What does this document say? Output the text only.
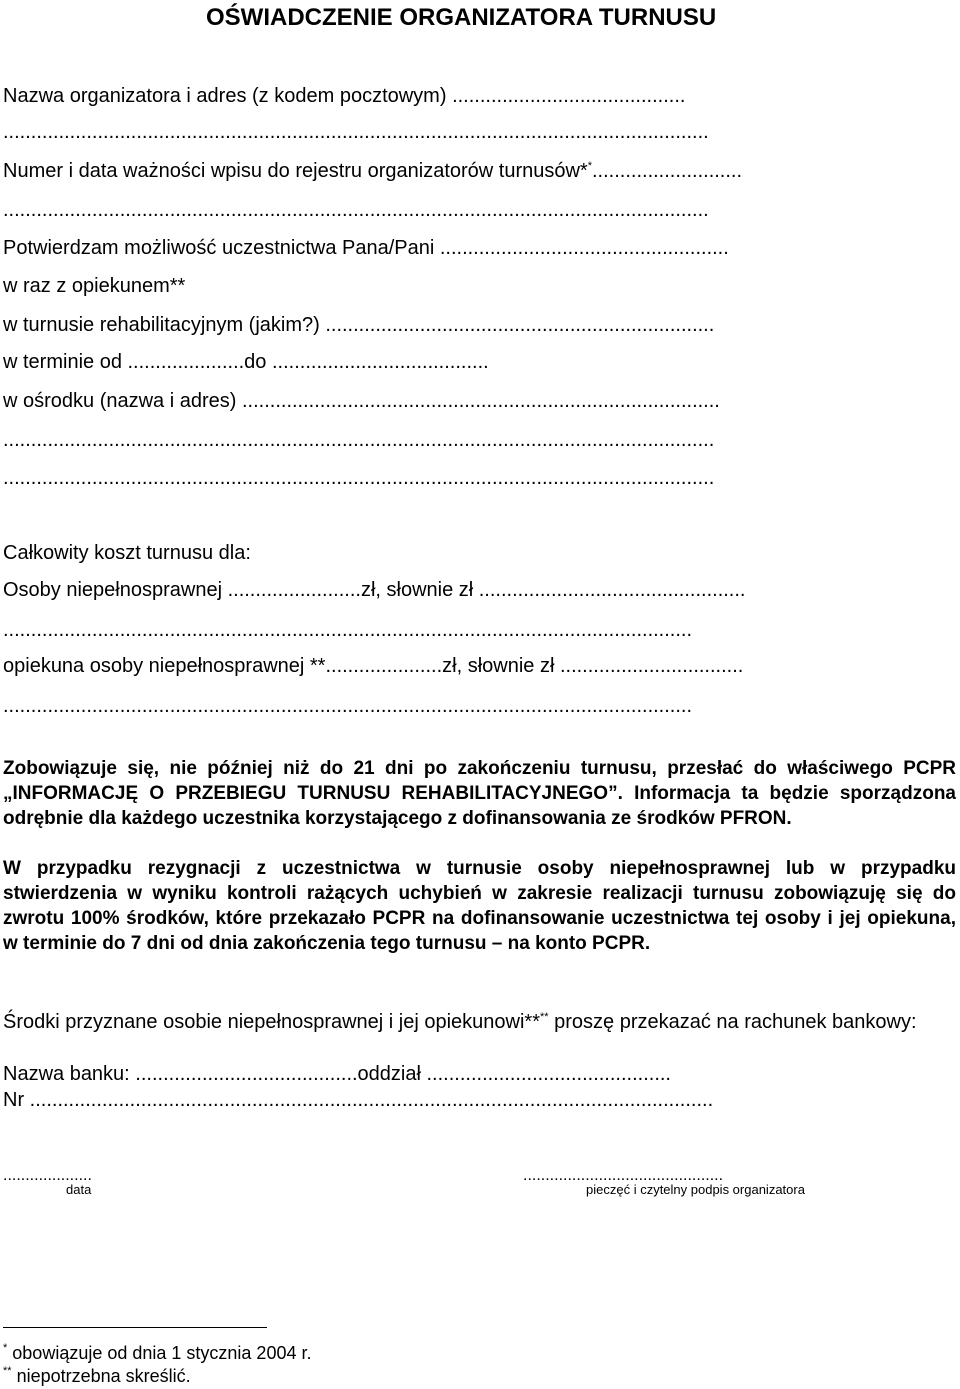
OŚWIADCZENIE ORGANIZATORA TURNUSU
Nazwa organizatora i adres (z kodem pocztowym) ..........................................
...............................................................................................................................
Numer i data ważności wpisu do rejestru organizatorów turnusów**...........................
...............................................................................................................................
Potwierdzam możliwość uczestnictwa Pana/Pani ....................................................
w raz z opiekunem**
w turnusie rehabilitacyjnym (jakim?) ......................................................................
w terminie od .....................do .......................................
w ośrodku (nazwa i adres) ......................................................................................
................................................................................................................................
................................................................................................................................
Całkowity koszt turnusu dla:
Osoby niepełnosprawnej ........................zł, słownie zł ................................................
............................................................................................................................
opiekuna osoby niepełnosprawnej **.....................zł, słownie zł .................................
............................................................................................................................
Zobowiązuje się, nie później niż do 21 dni po zakończeniu turnusu, przesłać do właściwego PCPR „INFORMACJĘ O PRZEBIEGU TURNUSU REHABILITACYJNEGO”. Informacja ta będzie sporządzona odrębnie dla każdego uczestnika korzystającego z dofinansowania ze środków PFRON.
W przypadku rezygnacji z uczestnictwa w turnusie osoby niepełnosprawnej lub w przypadku stwierdzenia w wyniku kontroli rażących uchybień w zakresie realizacji turnusu zobowiązuję się do zwrotu 100% środków, które przekazało PCPR na dofinansowanie uczestnictwa tej osoby i jej opiekuna, w terminie do 7 dni od dnia zakończenia tego turnusu – na konto PCPR.
Środki przyznane osobie niepełnosprawnej i jej opiekunowi**** proszę przekazać na rachunek bankowy:
Nazwa banku: ........................................oddział ............................................
Nr ...........................................................................................................................
....................
data
.............................................
pieczęć i czytelny podpis organizatora
* obowiązuje od dnia 1 stycznia 2004 r.
** niepotrzebna skreślić.
